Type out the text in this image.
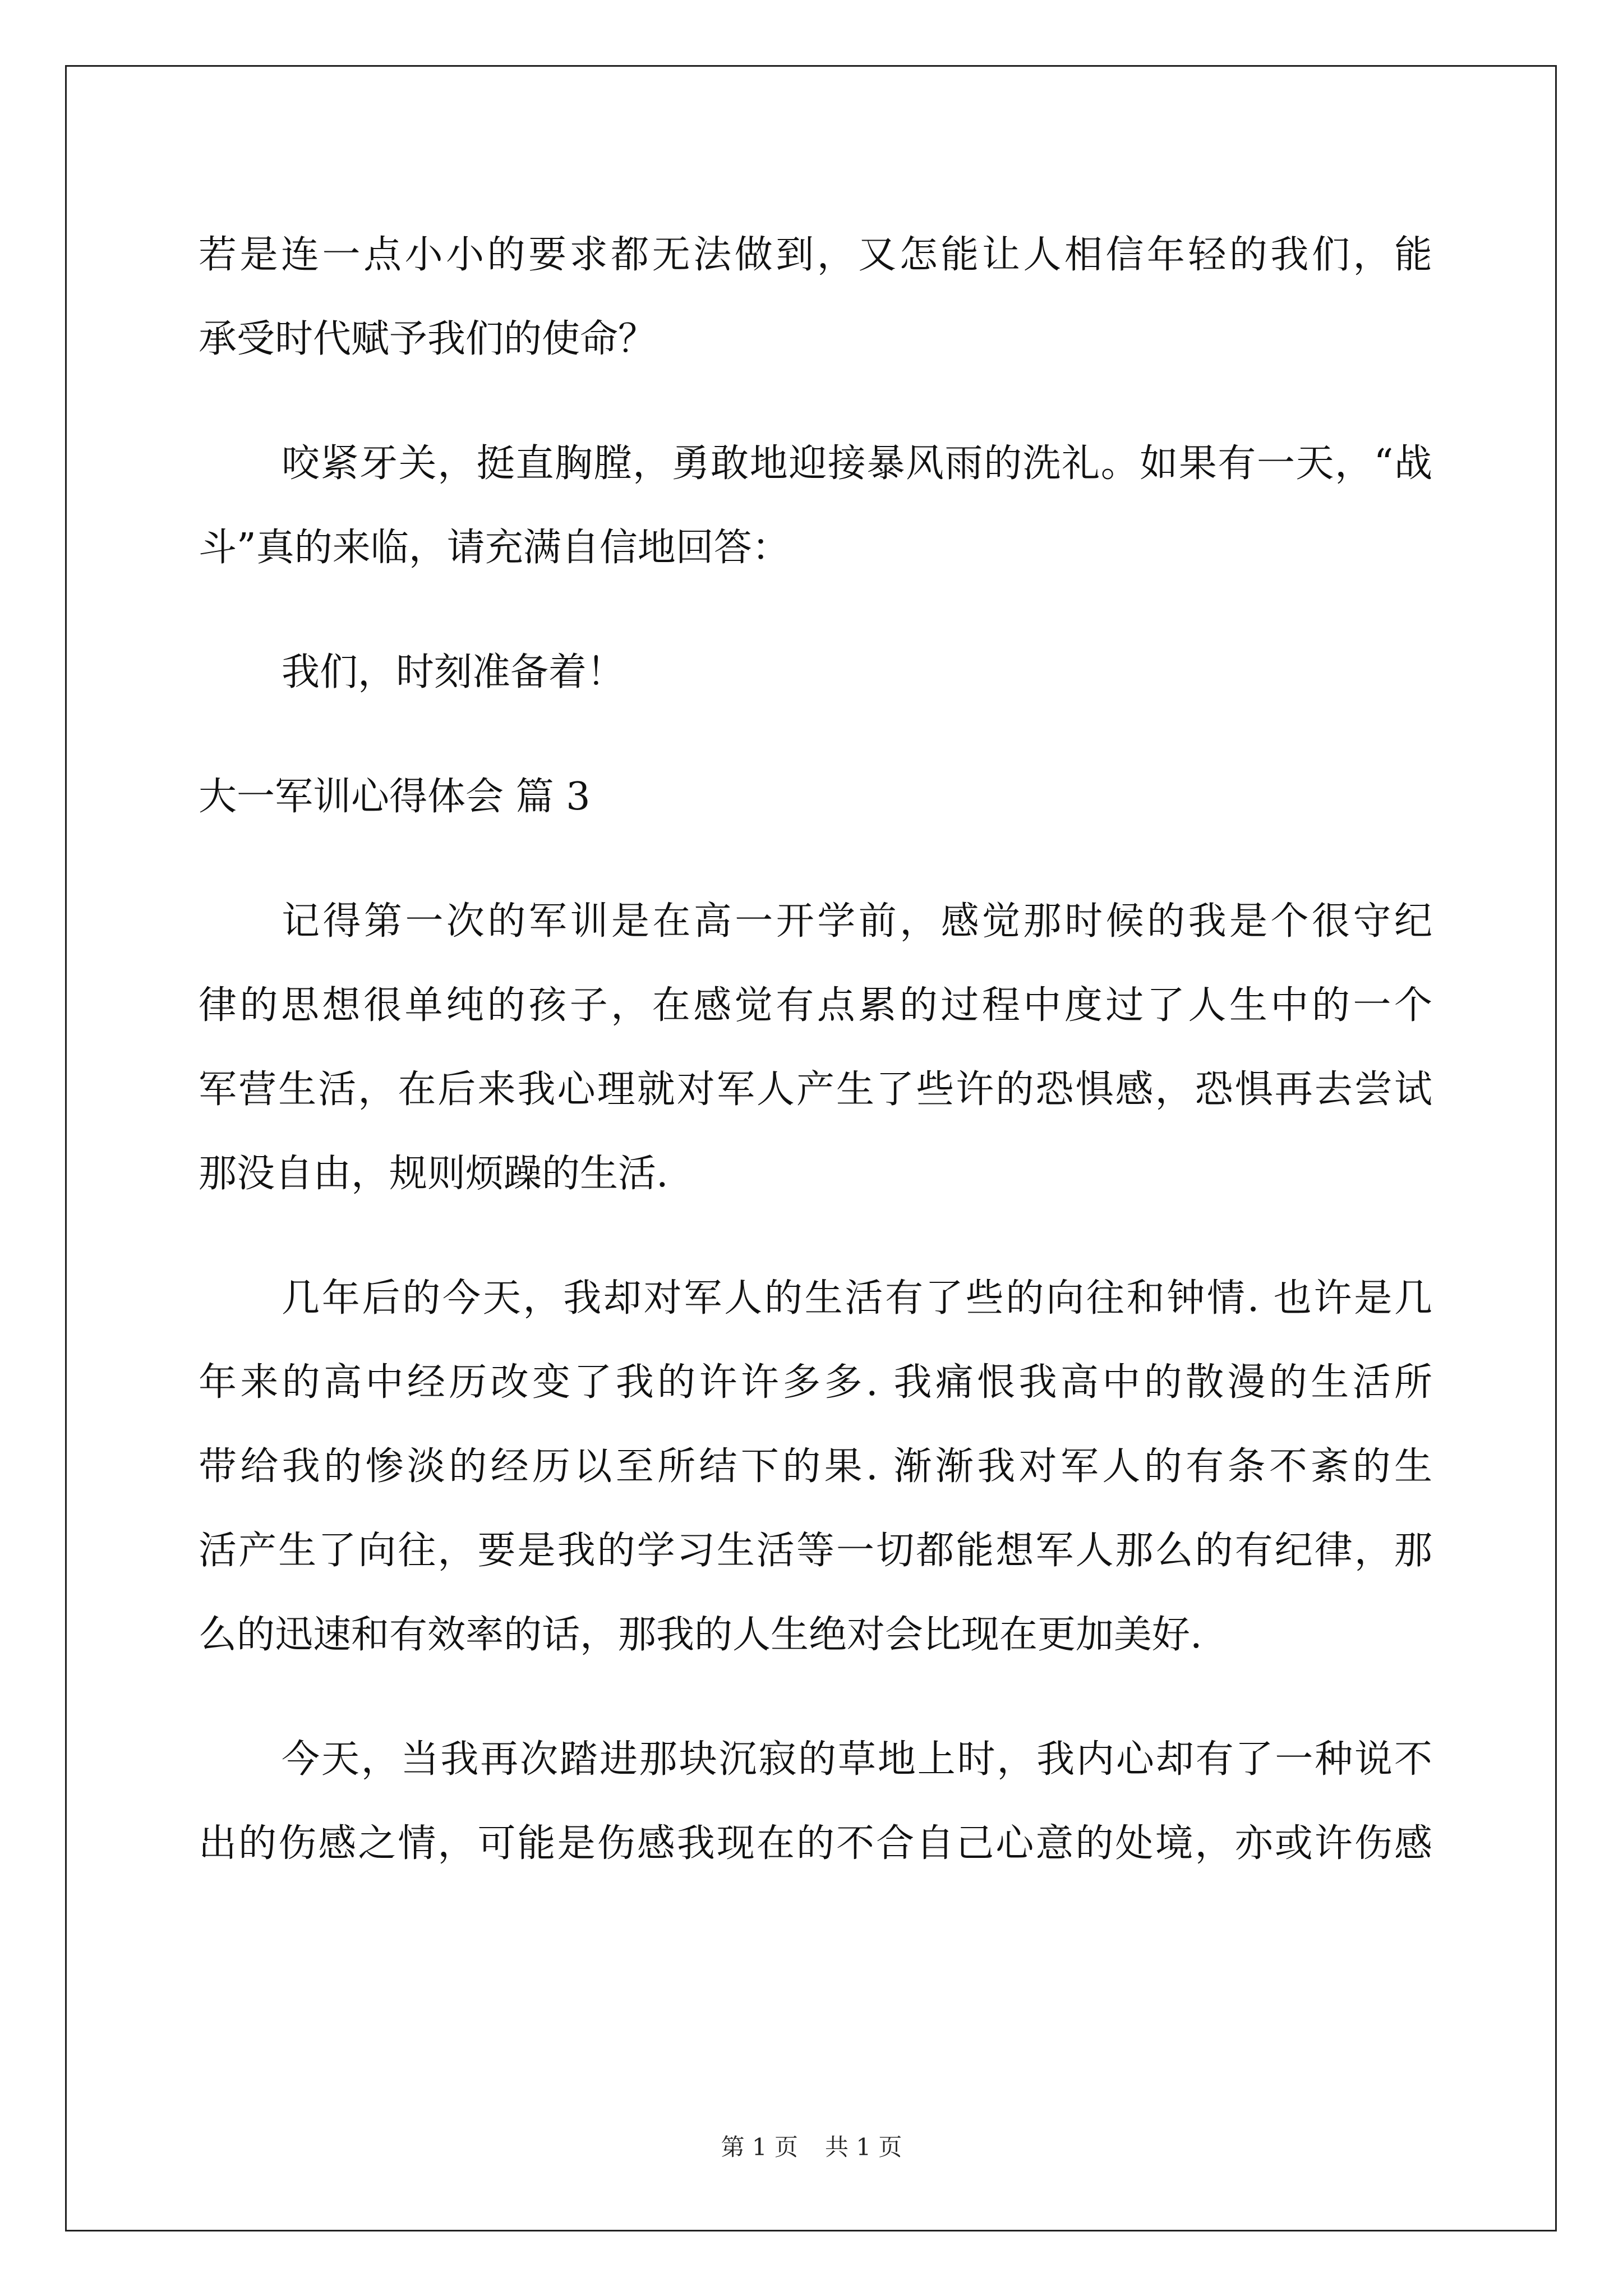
若是连一点小小的要求都无法做到，又怎能让人相信年轻的我们，能
承受时代赋予我们的使命？
咬紧牙关，挺直胸膛，勇敢地迎接暴风雨的洗礼。如果有一天，“战
斗”真的来临，请充满自信地回答：
我们，时刻准备着！
大一军训心得体会 篇 3
记得第一次的军训是在高一开学前，感觉那时候的我是个很守纪
律的思想很单纯的孩子，在感觉有点累的过程中度过了人生中的一个
军营生活，在后来我心理就对军人产生了些许的恐惧感，恐惧再去尝试
那没自由，规则烦躁的生活.
几年后的今天，我却对军人的生活有了些的向往和钟情. 也许是几
年来的高中经历改变了我的许许多多. 我痛恨我高中的散漫的生活所
带给我的惨淡的经历以至所结下的果. 渐渐我对军人的有条不紊的生
活产生了向往，要是我的学习生活等一切都能想军人那么的有纪律，那
么的迅速和有效率的话，那我的人生绝对会比现在更加美好.
今天，当我再次踏进那块沉寂的草地上时，我内心却有了一种说不
出的伤感之情，可能是伤感我现在的不合自己心意的处境，亦或许伤感
第 1 页 共 1 页
